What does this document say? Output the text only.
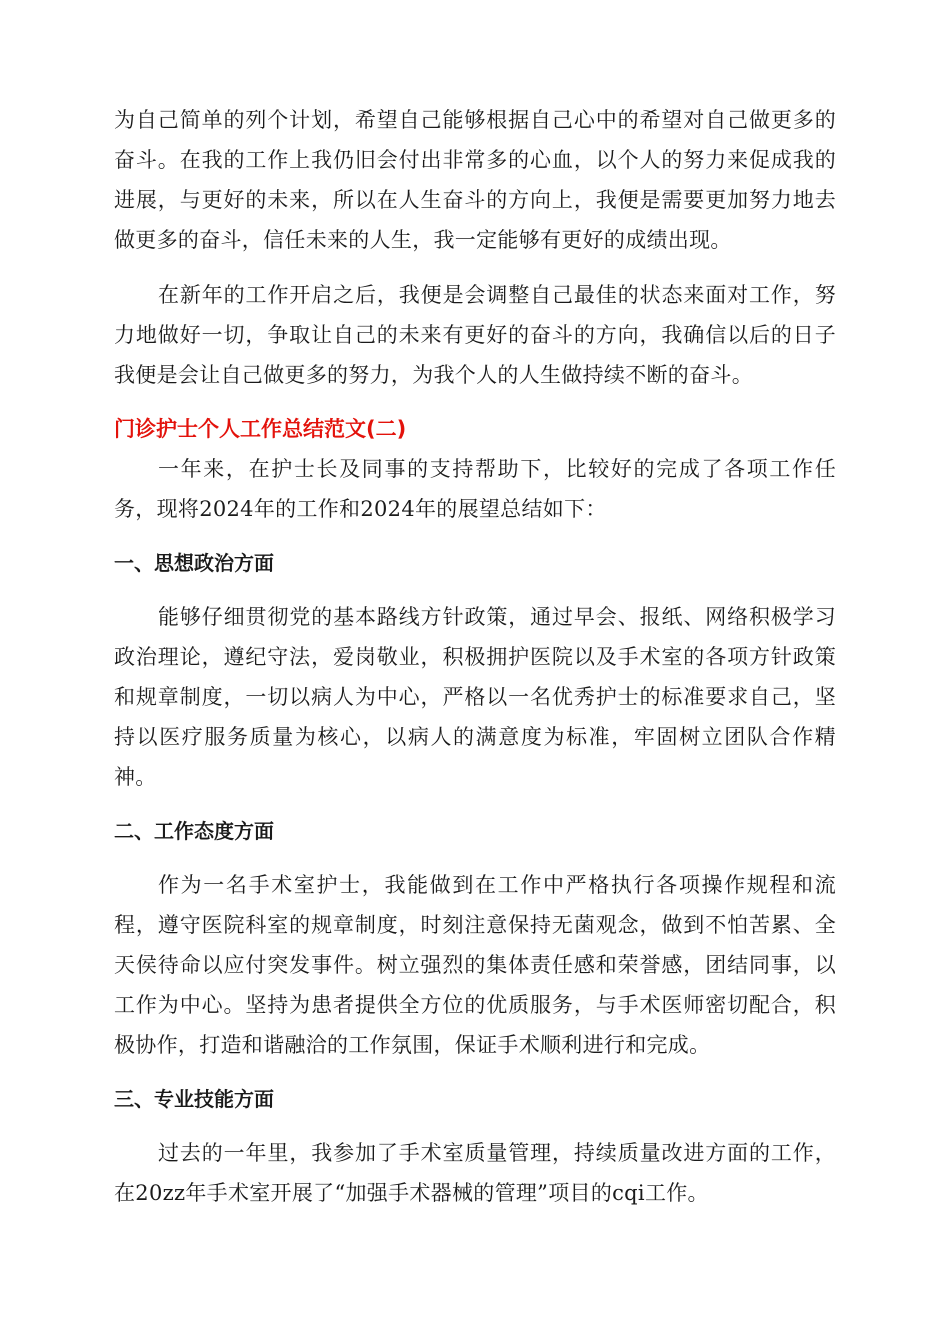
为自己简单的列个计划，希望自己能够根据自己心中的希望对自己做更多的奋斗。在我的工作上我仍旧会付出非常多的心血，以个人的努力来促成我的进展，与更好的未来，所以在人生奋斗的方向上，我便是需要更加努力地去做更多的奋斗，信任未来的人生，我一定能够有更好的成绩出现。

在新年的工作开启之后，我便是会调整自己最佳的状态来面对工作，努力地做好一切，争取让自己的未来有更好的奋斗的方向，我确信以后的日子我便是会让自己做更多的努力，为我个人的人生做持续不断的奋斗。

门诊护士个人工作总结范文(二)

一年来，在护士长及同事的支持帮助下，比较好的完成了各项工作任务，现将2024年的工作和2024年的展望总结如下：

一、思想政治方面

能够仔细贯彻党的基本路线方针政策，通过早会、报纸、网络积极学习政治理论，遵纪守法，爱岗敬业，积极拥护医院以及手术室的各项方针政策和规章制度，一切以病人为中心，严格以一名优秀护士的标准要求自己，坚持以医疗服务质量为核心，以病人的满意度为标准，牢固树立团队合作精神。

二、工作态度方面

作为一名手术室护士，我能做到在工作中严格执行各项操作规程和流程，遵守医院科室的规章制度，时刻注意保持无菌观念，做到不怕苦累、全天侯待命以应付突发事件。树立强烈的集体责任感和荣誉感，团结同事，以工作为中心。坚持为患者提供全方位的优质服务，与手术医师密切配合，积极协作，打造和谐融洽的工作氛围，保证手术顺利进行和完成。

三、专业技能方面

过去的一年里，我参加了手术室质量管理，持续质量改进方面的工作，在20zz年手术室开展了“加强手术器械的管理”项目的cqi工作。
